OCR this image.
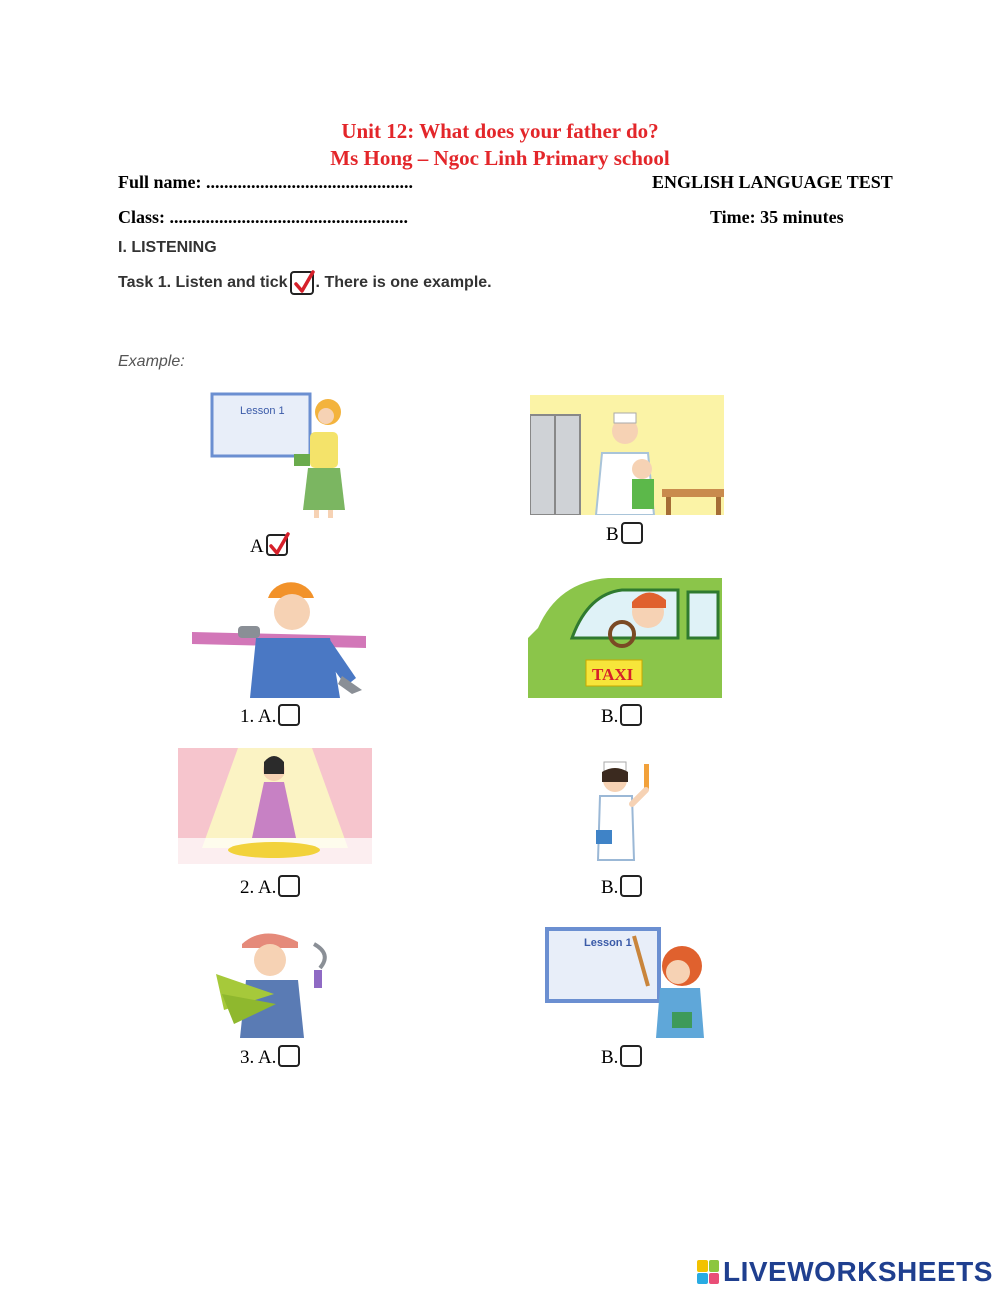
Unit 12: What does your father do?
Ms Hong – Ngoc Linh Primary school
Full name: ..............................................	ENGLISH LANGUAGE TEST
Class: .....................................................	Time: 35 minutes
I. LISTENING
Task 1. Listen and tick . There is one example.
Example:
Lesson 1
TAXI
Lesson 1
A
B
1. A.	B.
2. A.	B.
3. A.	B.
LIVEWORKSHEETS
